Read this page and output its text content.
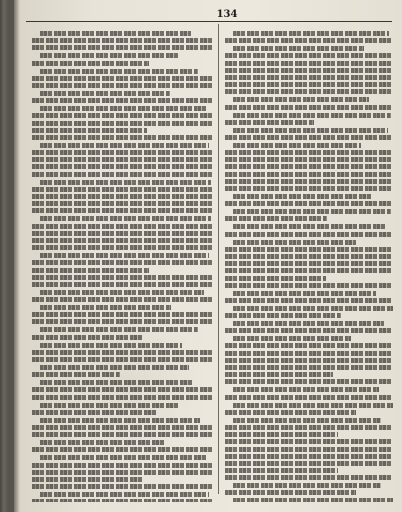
134
